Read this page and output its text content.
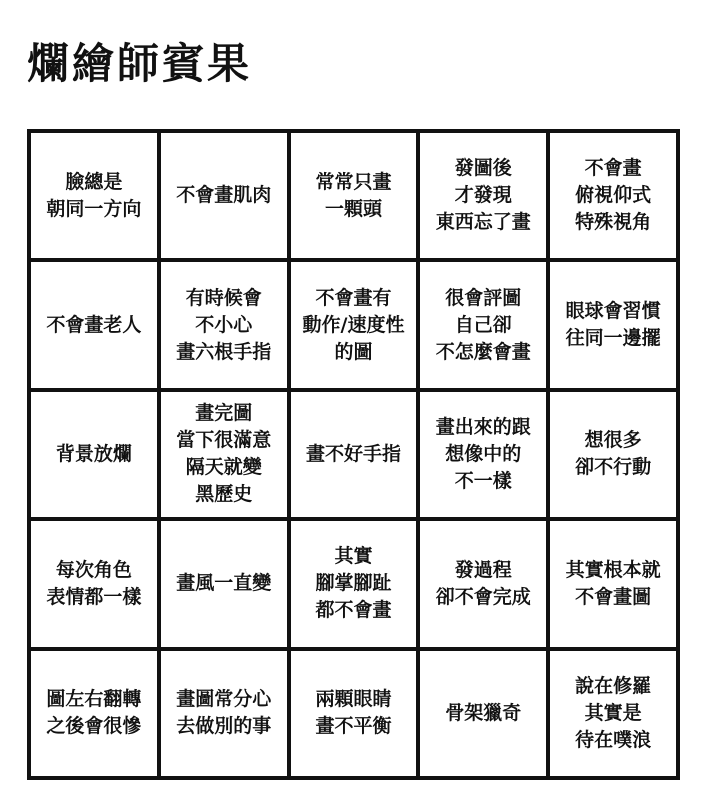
爛繪師賓果
臉總是
朝同一方向
不會畫肌肉
常常只畫
一顆頭
發圖後
才發現
東西忘了畫
不會畫
俯視仰式
特殊視角
不會畫老人
有時候會
不小心
畫六根手指
不會畫有
動作/速度性
的圖
很會評圖
自己卻
不怎麼會畫
眼球會習慣
往同一邊擺
背景放爛
畫完圖
當下很滿意
隔天就變
黑歷史
畫不好手指
畫出來的跟
想像中的
不一樣
想很多
卻不行動
每次角色
表情都一樣
畫風一直變
其實
腳掌腳趾
都不會畫
發過程
卻不會完成
其實根本就
不會畫圖
圖左右翻轉
之後會很慘
畫圖常分心
去做別的事
兩顆眼睛
畫不平衡
骨架獵奇
說在修羅
其實是
待在噗浪
